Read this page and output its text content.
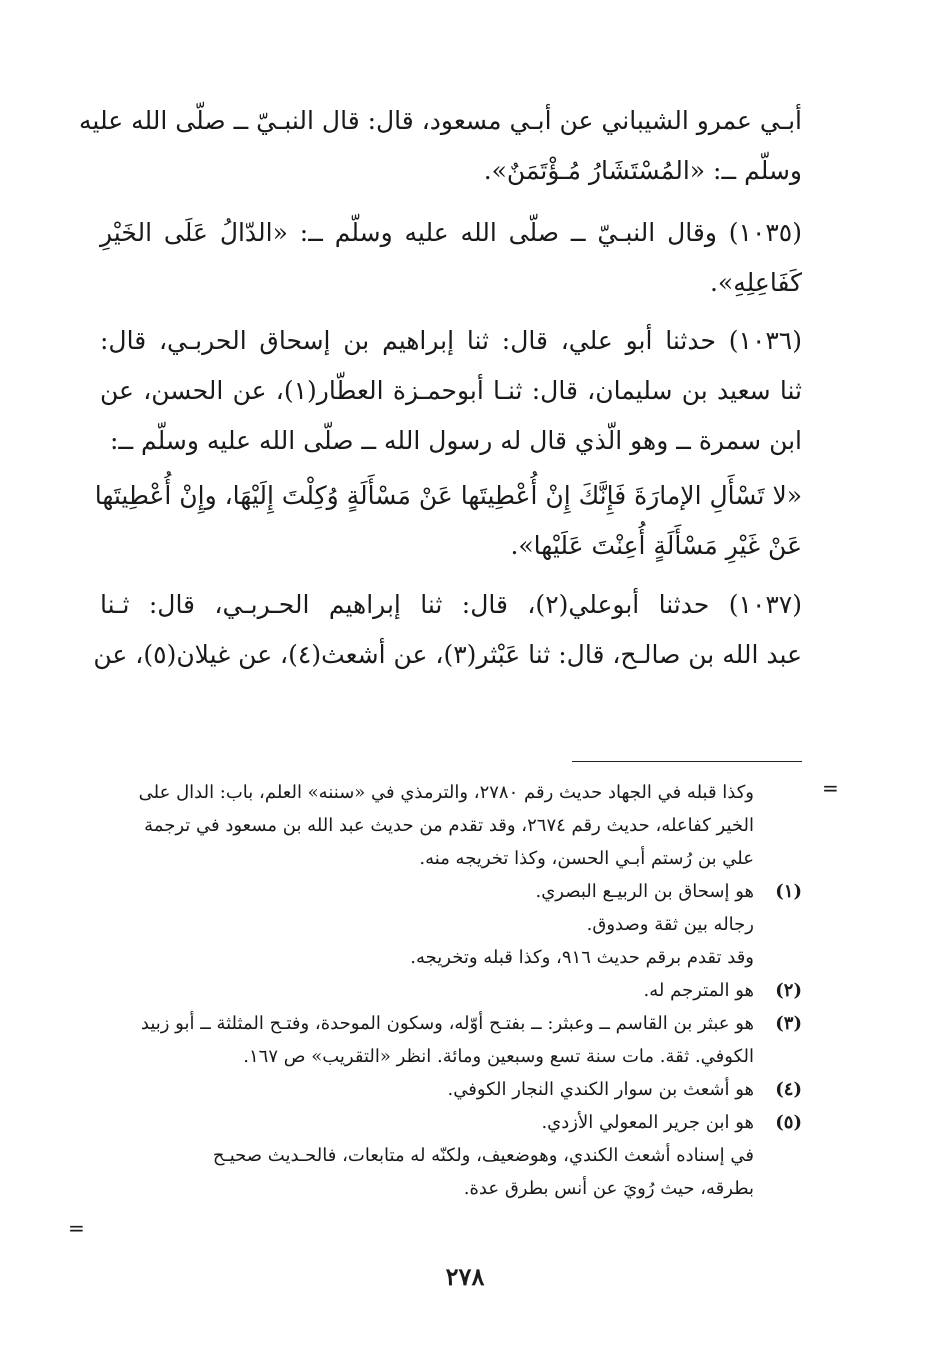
أبـي عمرو الشيباني عن أبـي مسعود، قال: قال النبـيّ ــ صلّى الله عليه
وسلّم ــ: «المُسْتَشَارُ مُـؤْتَمَنٌ».

(١٠٣٥) وقال النبـيّ ــ صلّى الله عليه وسلّم ــ: «الدّالُ عَلَى الخَيْرِ
كَفَاعِلِهِ».

(١٠٣٦) حدثنا أبو علي، قال: ثنا إبراهيم بن إسحاق الحربـي، قال:
ثنا سعيد بن سليمان، قال: ثنـا أبوحمـزة العطّار(١)، عن الحسن، عن
ابن سمرة ــ وهو الّذي قال له رسول الله ــ صلّى الله عليه وسلّم ــ:

«لا تَسْأَلِ الإمارَةَ فَإِنَّكَ إِنْ أُعْطِيتَها عَنْ مَسْأَلَةٍ وُكِلْتَ إِلَيْهَا، وإِنْ أُعْطِيتَها
عَنْ غَيْرِ مَسْأَلَةٍ أُعِنْتَ عَلَيْها».

(١٠٣٧) حدثنا أبوعلي(٢)، قال: ثنا إبراهيم الحـربـي، قال: ثـنا
عبد الله بن صالـح، قال: ثنا عَبْثر(٣)، عن أشعث(٤)، عن غيلان(٥)، عن

=
=
وكذا قبله في الجهاد حديث رقم ٢٧٨٠، والترمذي في «سننه» العلم، باب: الدال على
الخير كفاعله، حديث رقم ٢٦٧٤، وقد تقدم من حديث عبد الله بن مسعود في ترجمة
علي بن رُستم أبـي الحسن، وكذا تخريجه منه.
(١)
هو إسحاق بن الربيـع البصري.
رجاله بين ثقة وصدوق.
وقد تقدم برقم حديث ٩١٦، وكذا قبله وتخريجه.
(٢)
هو المترجم له.
(٣)
هو عبثر بن القاسم ــ وعبثر: ــ بفتـح أوّله، وسكون الموحدة، وفتـح المثلثة ــ أبو زبيد
الكوفي. ثقة. مات سنة تسع وسبعين ومائة. انظر «التقريب» ص ١٦٧.
(٤)
هو أشعث بن سوار الكندي النجار الكوفي.
(٥)
هو ابن جرير المعولي الأزدي.
في إسناده أشعث الكندي، وهوضعيف، ولكنّه له متابعات، فالحـديث صحيـح
بطرقه، حيث رُويَ عن أنس بطرق عدة.
٢٧٨
